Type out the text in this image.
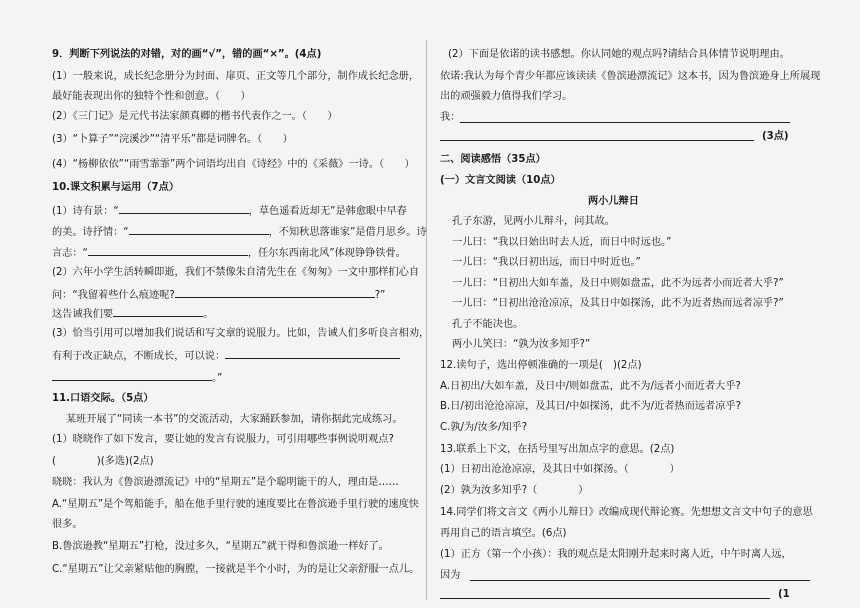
9．判断下列说法的对错，对的画“√”，错的画“×”。(4点)
(1）一般来说，成长纪念册分为封面、扉页、正文等几个部分，制作成长纪念册，
最好能表现出你的独特个性和创意。（　　）
(2）《三门记》是元代书法家颜真卿的楷书代表作之一。（　　）
(3）“卜算子”“浣溪沙”“清平乐”都是词牌名。（　　）
(4）“杨柳依依”“雨雪霏霏”两个词语均出自《诗经》中的《采薇》一诗。（　　）
10.课文积累与运用（7点）
(1）诗有景：“	，草色遥看近却无”是韩愈眼中早春
的美。诗抒情：“	，不知秋思落谁家”是借月思乡。诗
言志：“	，任尔东西南北风”体现铮铮铁骨。
(2）六年小学生活转瞬即逝，我们不禁像朱自清先生在《匆匆》一文中那样扪心自
问：“我留着些什么痕迹呢?	?”
这告诫我们要	。
(3）恰当引用可以增加我们说话和写文章的说服力。比如，告诫人们多听良言相劝，
有利于改正缺点，不断成长，可以说：
。”
11.口语交际。（5点）
某班开展了“同读一本书”的交流活动，大家踊跃参加，请你据此完成练习。
(1）晓晓作了如下发言，要让她的发言有说服力，可引用哪些事例说明观点?
(　　　　)(多选)(2点)
晓晓：我认为《鲁滨逊漂流记》中的“星期五”是个聪明能干的人，理由是……
A.“星期五”是个驾船能手，船在他手里行驶的速度要比在鲁滨逊手里行驶的速度快
很多。
B.鲁滨逊教“星期五”打枪，没过多久，“星期五”就干得和鲁滨逊一样好了。
C.“星期五”让父亲紧贴他的胸膛，一接就是半个小时，为的是让父亲舒服一点儿。
(2）下面是依诺的读书感想。你认同她的观点吗?请结合具体情节说明理由。
依诺:我认为每个青少年都应该读读《鲁滨逊漂流记》这本书，因为鲁滨逊身上所展现
出的顽强毅力值得我们学习。
我：
(3点)
二、阅读感悟（35点）
(一）文言文阅读（10点）
两小儿辩日
孔子东游，见两小儿辩斗，问其故。
一儿曰：“我以日始出时去人近，而日中时远也。”
一儿曰：“我以日初出远，而日中时近也。”
一儿曰：“日初出大如车盖，及日中则如盘盂，此不为远者小而近者大乎?”
一儿曰：“日初出沧沧凉凉，及其日中如探汤，此不为近者热而远者凉乎?”
孔子不能决也。
两小儿笑曰：“孰为汝多知乎?”
12.读句子，选出停顿准确的一项是(　)(2点)
A.日初出/大如车盖，及日中/则如盘盂，此不为/远者小而近者大乎?
B.日/初出沧沧凉凉，及其日/中如探汤，此不为/近者热而远者凉乎?
C.孰/为/汝多/知乎?
13.联系上下文，在括号里写出加点字的意思。(2点)
(1）日初出沧沧凉凉，及其日中如探汤。（　　　　）
(2）孰为汝多知乎?（　　　　）
14.同学们将文言文《两小儿辩日》改编成现代辩论赛。先想想文言文中句子的意思
再用自己的语言填空。(6点)
(1）正方（第一个小孩）：我的观点是太阳刚升起来时离人近，中午时离人远，
因为
(1
